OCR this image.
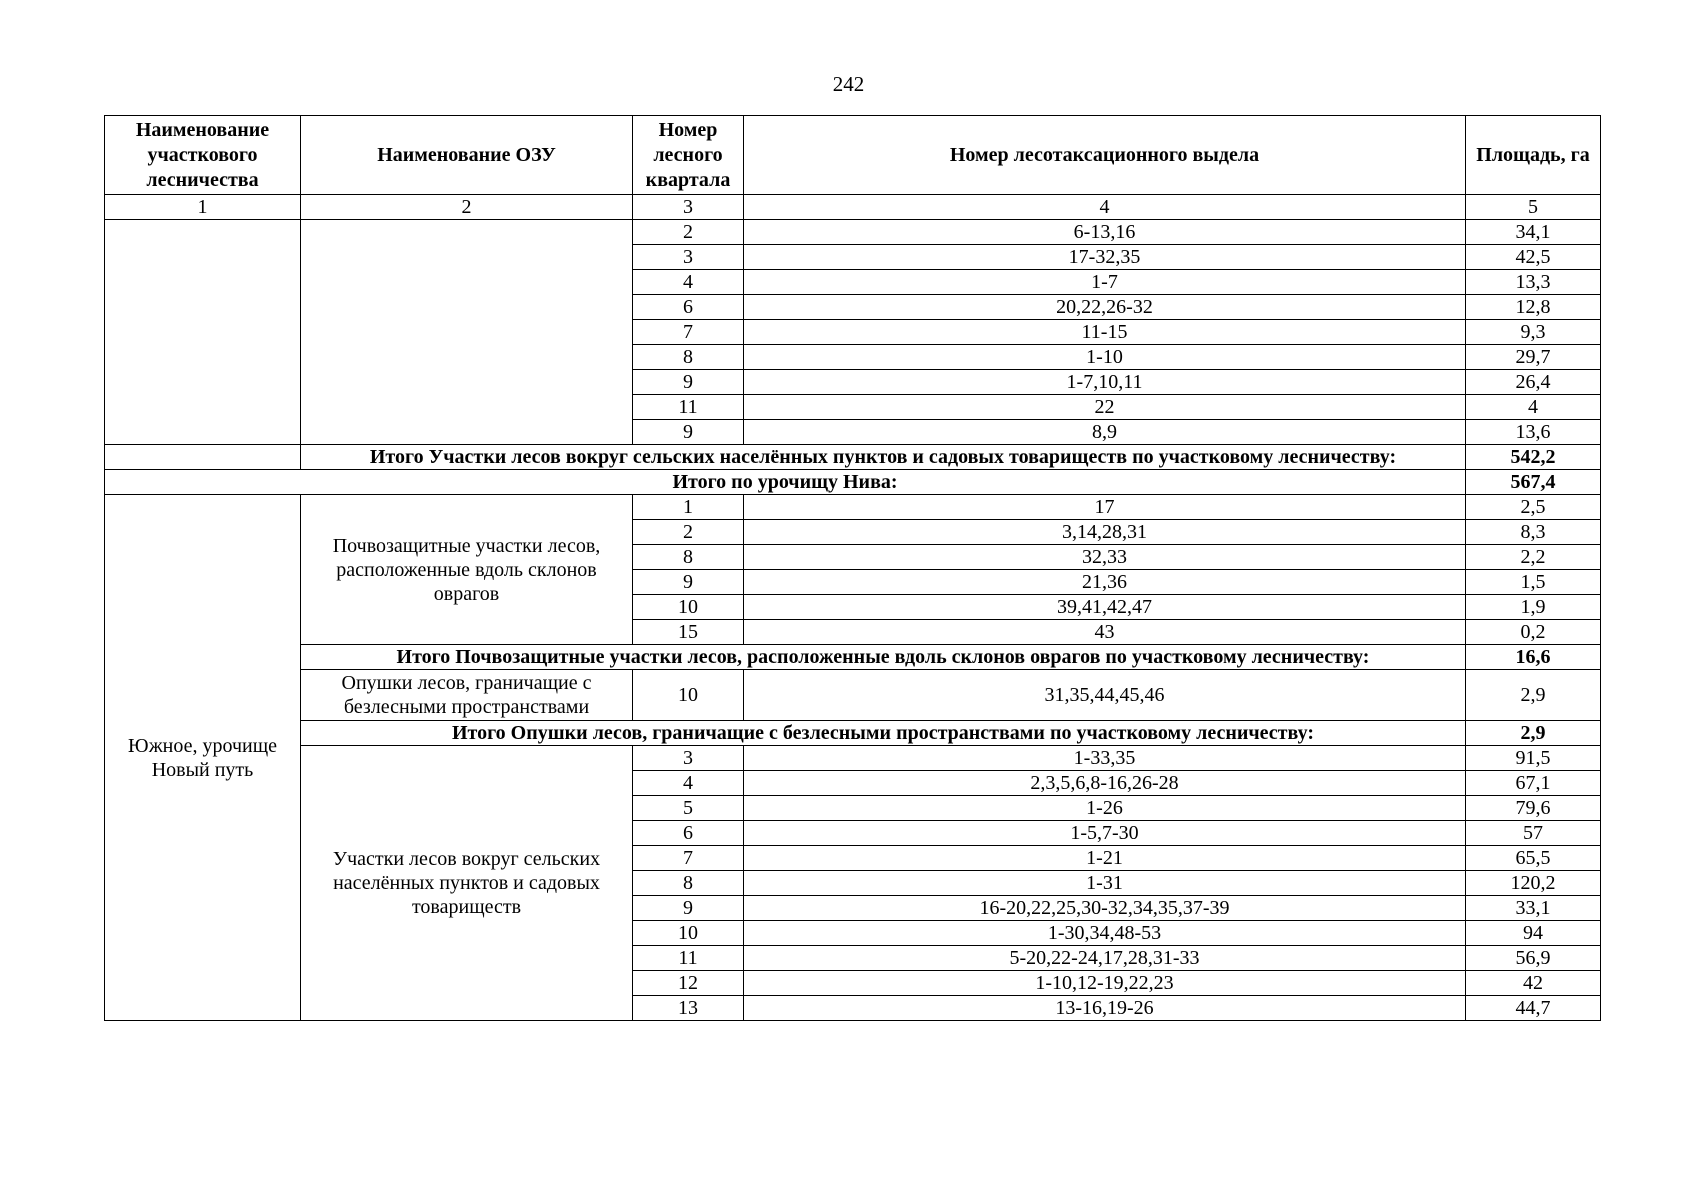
242
Наименование участкового лесничества	Наименование ОЗУ	Номер лесного квартала	Номер лесотаксационного выдела	Площадь, га
1	2	3	4	5
		2	6-13,16	34,1
		3	17-32,35	42,5
		4	1-7	13,3
		6	20,22,26-32	12,8
		7	11-15	9,3
		8	1-10	29,7
		9	1-7,10,11	26,4
		11	22	4
		9	8,9	13,6
	Итого Участки лесов вокруг сельских населённых пунктов и садовых товариществ по участковому лесничеству:			542,2
Итого по урочищу Нива:				567,4
Южное, урочище Новый путь	Почвозащитные участки лесов, расположенные вдоль склонов оврагов	1	17	2,5
		2	3,14,28,31	8,3
		8	32,33	2,2
		9	21,36	1,5
		10	39,41,42,47	1,9
		15	43	0,2
	Итого Почвозащитные участки лесов, расположенные вдоль склонов оврагов по участковому лесничеству:			16,6
	Опушки лесов, граничащие с безлесными пространствами	10	31,35,44,45,46	2,9
	Итого Опушки лесов, граничащие с безлесными пространствами по участковому лесничеству:			2,9
	Участки лесов вокруг сельских населённых пунктов и садовых товариществ	3	1-33,35	91,5
		4	2,3,5,6,8-16,26-28	67,1
		5	1-26	79,6
		6	1-5,7-30	57
		7	1-21	65,5
		8	1-31	120,2
		9	16-20,22,25,30-32,34,35,37-39	33,1
		10	1-30,34,48-53	94
		11	5-20,22-24,17,28,31-33	56,9
		12	1-10,12-19,22,23	42
		13	13-16,19-26	44,7
